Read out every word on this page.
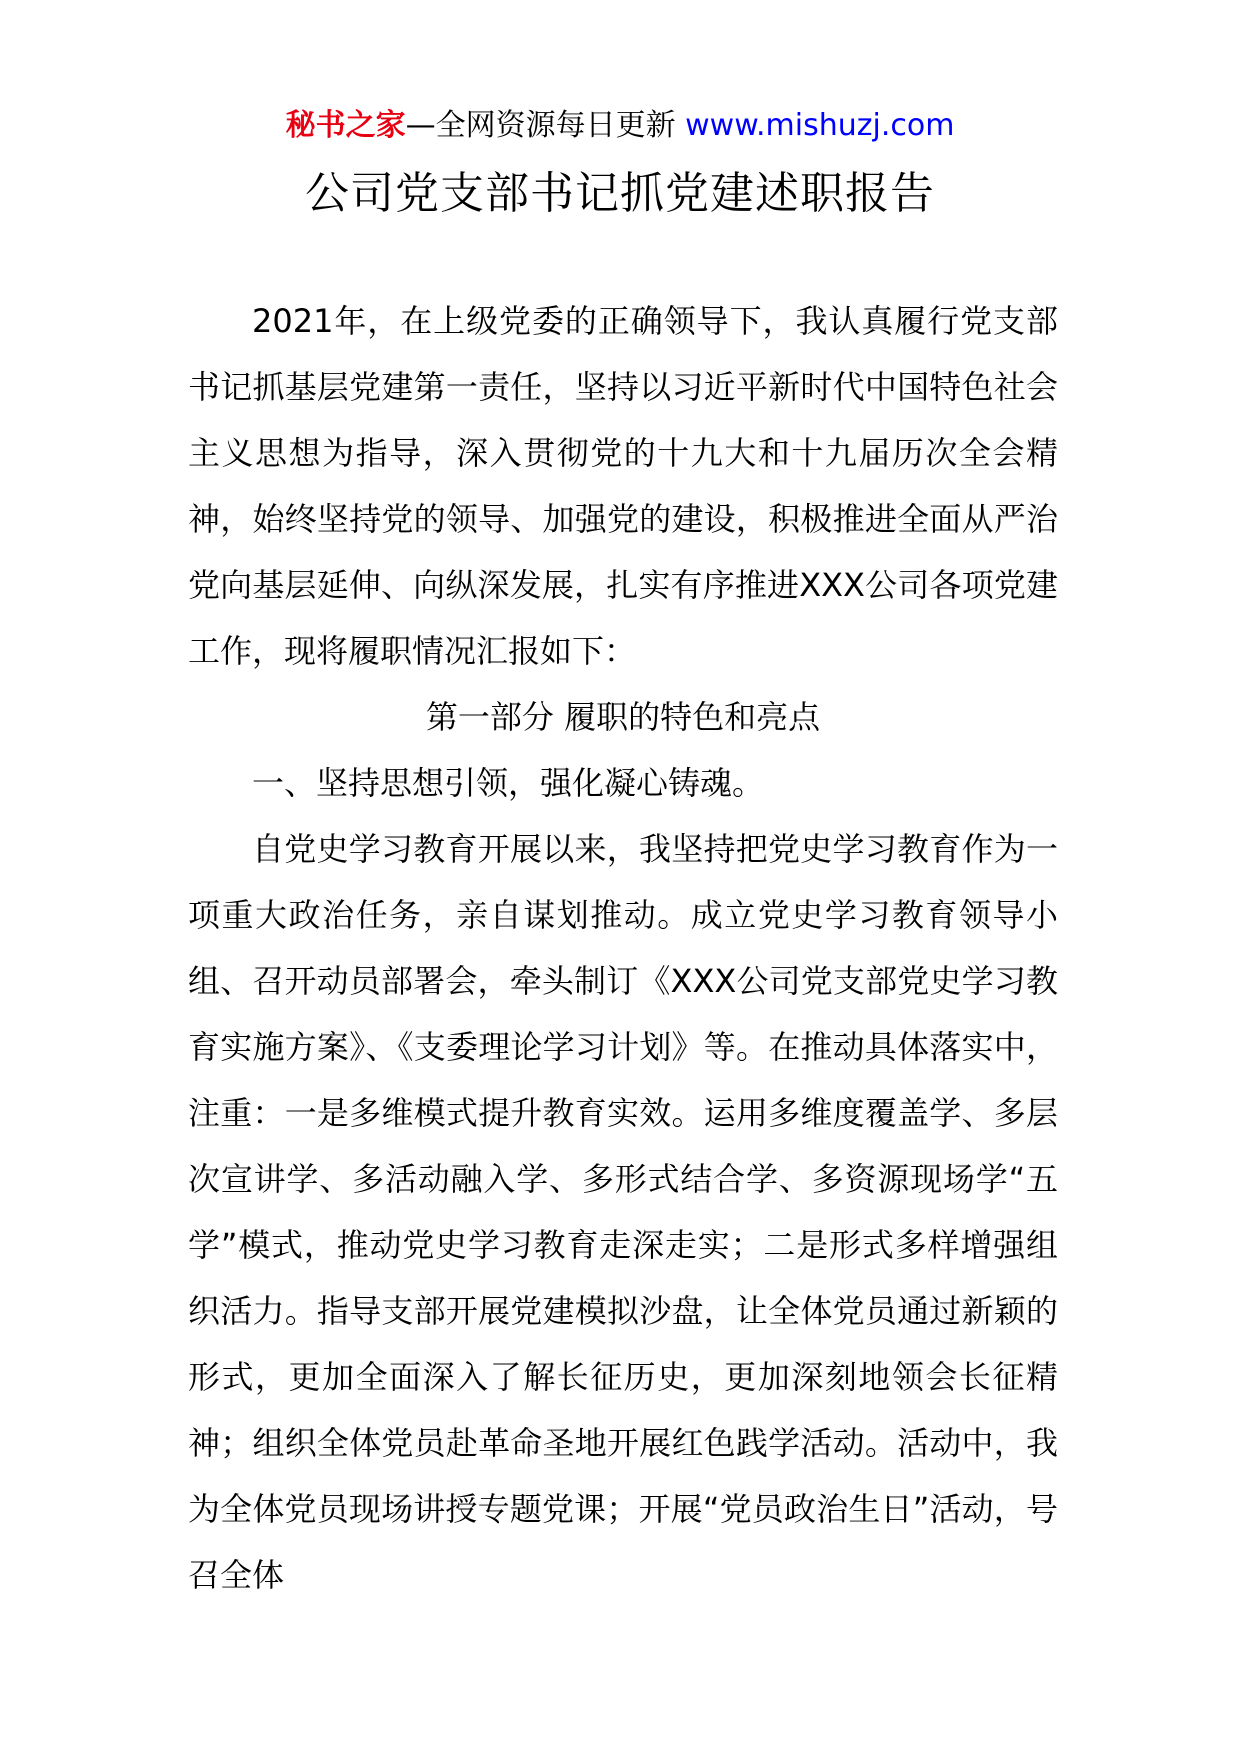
秘书之家—全网资源每日更新 www.mishuzj.com
公司党支部书记抓党建述职报告

2021年，在上级党委的正确领导下，我认真履行党支部书记抓基层党建第一责任，坚持以习近平新时代中国特色社会主义思想为指导，深入贯彻党的十九大和十九届历次全会精神，始终坚持党的领导、加强党的建设，积极推进全面从严治党向基层延伸、向纵深发展，扎实有序推进XXX公司各项党建工作，现将履职情况汇报如下：

第一部分 履职的特色和亮点

一、坚持思想引领，强化凝心铸魂。

自党史学习教育开展以来，我坚持把党史学习教育作为一项重大政治任务，亲自谋划推动。成立党史学习教育领导小组、召开动员部署会，牵头制订《XXX公司党支部党史学习教育实施方案》、《支委理论学习计划》等。在推动具体落实中，注重：一是多维模式提升教育实效。运用多维度覆盖学、多层次宣讲学、多活动融入学、多形式结合学、多资源现场学“五学”模式，推动党史学习教育走深走实；二是形式多样增强组织活力。指导支部开展党建模拟沙盘，让全体党员通过新颖的形式，更加全面深入了解长征历史，更加深刻地领会长征精神；组织全体党员赴革命圣地开展红色践学活动。活动中，我为全体党员现场讲授专题党课；开展“党员政治生日”活动，号召全体
